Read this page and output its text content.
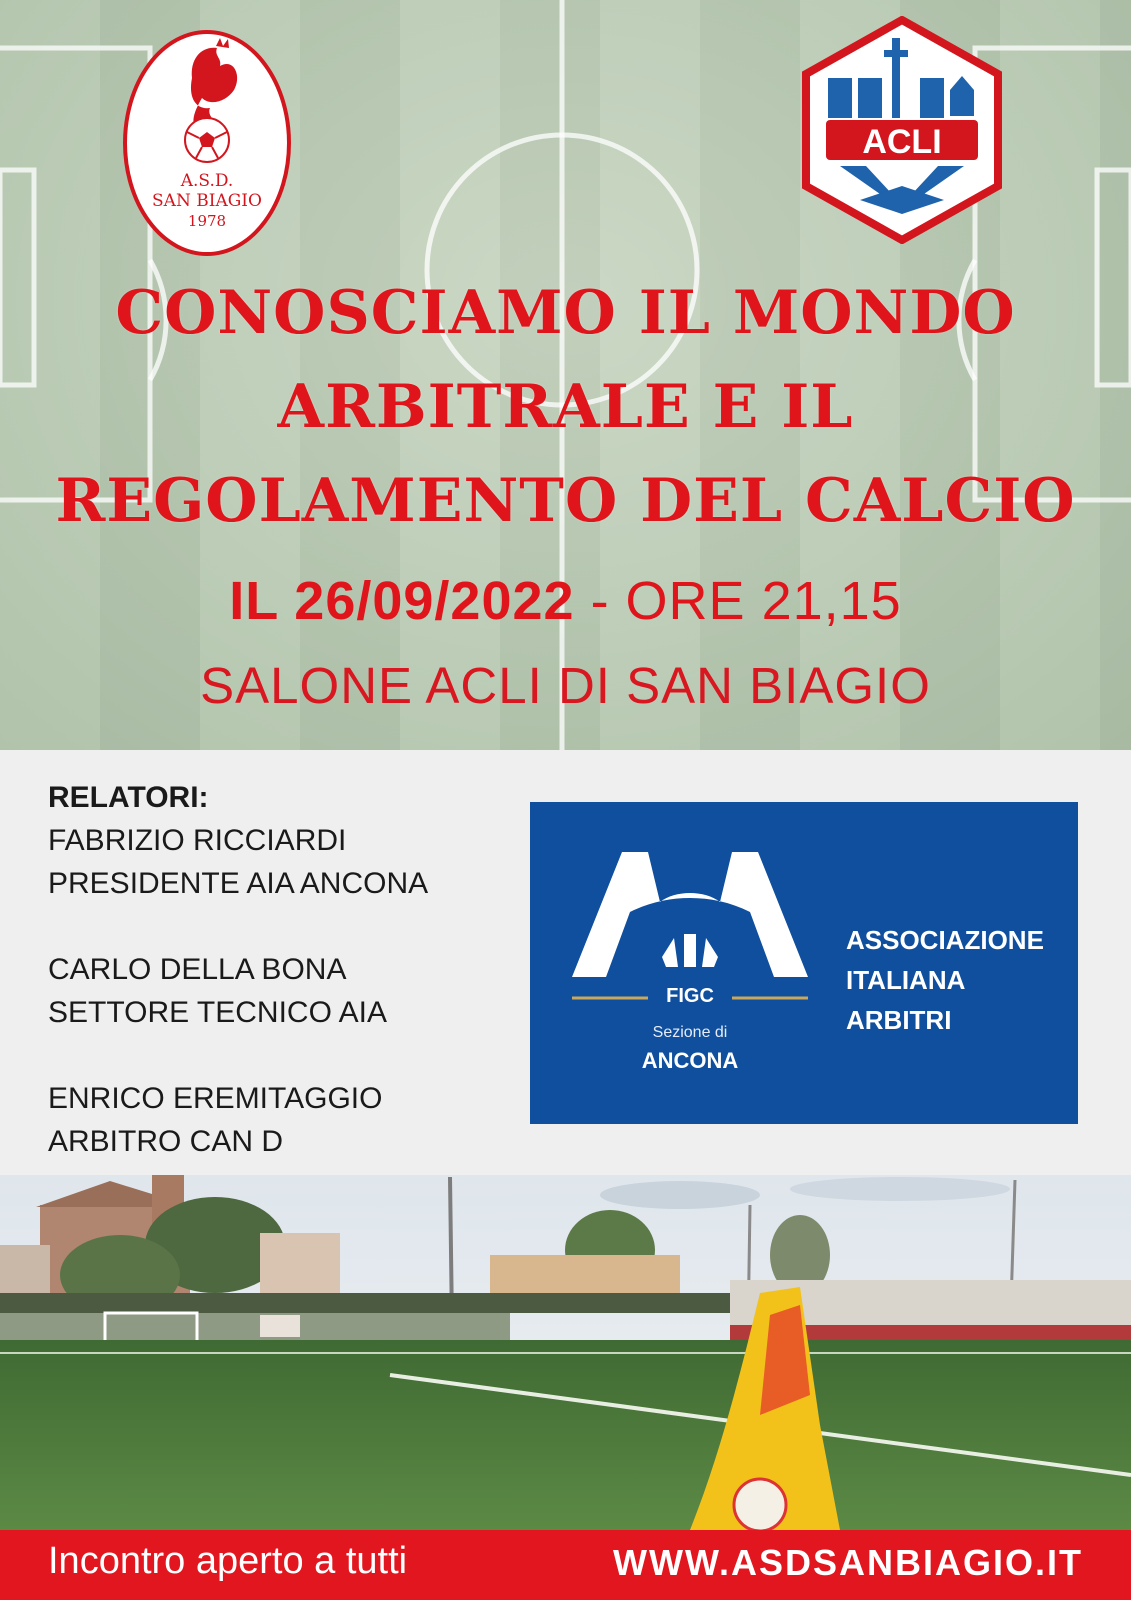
A.S.D.
SAN BIAGIO
1978
ACLI
CONOSCIAMO IL MONDO
ARBITRALE E IL
REGOLAMENTO DEL CALCIO
IL 26/09/2022 - ORE 21,15
SALONE ACLI DI SAN BIAGIO
RELATORI:
FABRIZIO RICCIARDI
PRESIDENTE AIA ANCONA
CARLO DELLA BONA
SETTORE TECNICO AIA
ENRICO EREMITAGGIO
ARBITRO CAN D
FIGC
Sezione di
ANCONA
ASSOCIAZIONE
ITALIANA
ARBITRI
Incontro aperto a tutti	WWW.ASDSANBIAGIO.IT
